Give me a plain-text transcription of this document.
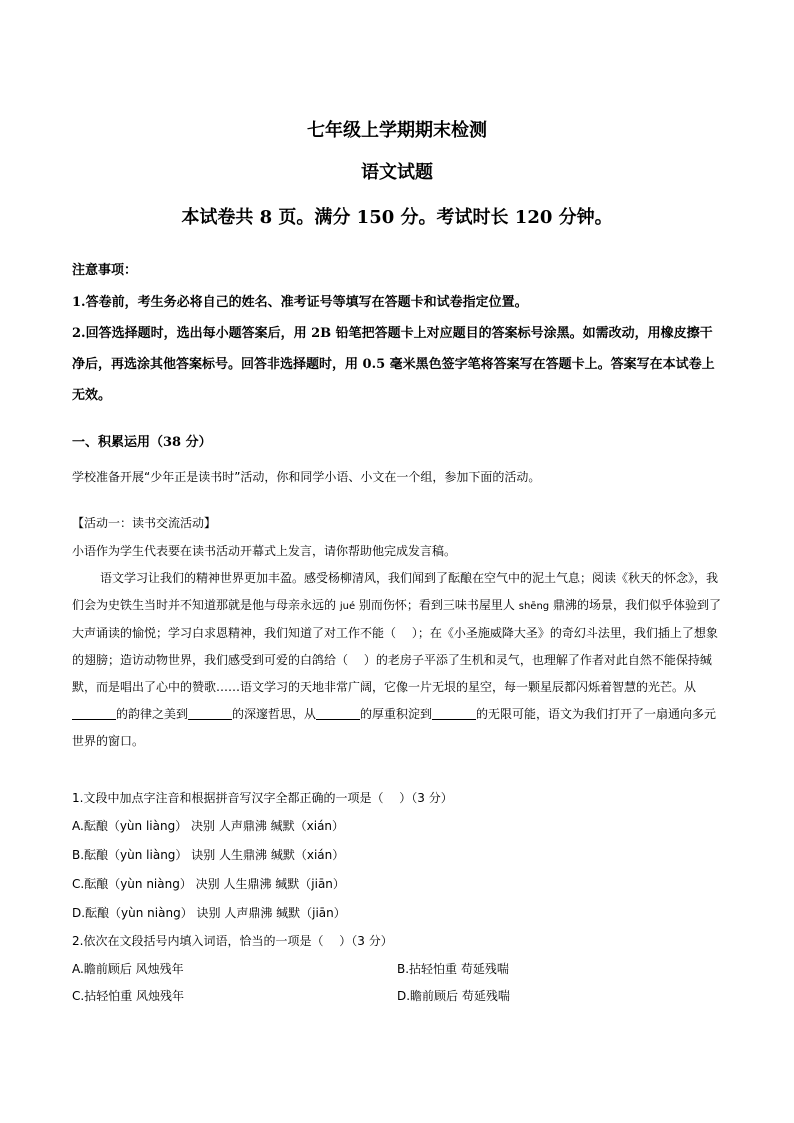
七年级上学期期末检测
语文试题
本试卷共 8 页。满分 150 分。考试时长 120 分钟。
注意事项：
1.答卷前，考生务必将自己的姓名、准考证号等填写在答题卡和试卷指定位置。
2.回答选择题时，选出每小题答案后，用 2B 铅笔把答题卡上对应题目的答案标号涂黑。如需改动，用橡皮擦干净后，再选涂其他答案标号。回答非选择题时，用 0.5 毫米黑色签字笔将答案写在答题卡上。答案写在本试卷上无效。
一、积累运用（38 分）
学校准备开展“少年正是读书时”活动，你和同学小语、小文在一个组，参加下面的活动。
【活动一：读书交流活动】
小语作为学生代表要在读书活动开幕式上发言，请你帮助他完成发言稿。
语文学习让我们的精神世界更加丰盈。感受杨柳清风，我们闻到了酝酿在空气中的泥土气息；阅读《秋天的怀念》，我们会为史铁生当时并不知道那就是他与母亲永远的 jué 别而伤怀；看到三味书屋里人 shēng 鼎沸的场景，我们似乎体验到了大声诵读的愉悦；学习白求恩精神，我们知道了对工作不能（　 ）；在《小圣施威降大圣》的奇幻斗法里，我们插上了想象的翅膀；造访动物世界，我们感受到可爱的白鸽给（　 ）的老房子平添了生机和灵气，也理解了作者对此自然不能保持缄默，而是唱出了心中的赞歌……语文学习的天地非常广阔，它像一片无垠的星空，每一颗星辰都闪烁着智慧的光芒。从的韵律之美到	的深邃哲思，从	的厚重积淀到	的无限可能，语文为我们打开了一扇通向多元世界的窗口。
1.文段中加点字注音和根据拼音写汉字全都正确的一项是（　 ）（3 分）
A.酝酿（yùn liàng） 决别 人声鼎沸 缄默（xián）
B.酝酿（yùn liàng） 诀别 人生鼎沸 缄默（xián）
C.酝酿（yùn niàng） 决别 人生鼎沸 缄默（jiān）
D.酝酿（yùn niàng） 诀别 人声鼎沸 缄默（jiān）
2.依次在文段括号内填入词语，恰当的一项是（　 ）（3 分）
A.瞻前顾后 风烛残年	B.拈轻怕重 苟延残喘
C.拈轻怕重 风烛残年	D.瞻前顾后 苟延残喘
